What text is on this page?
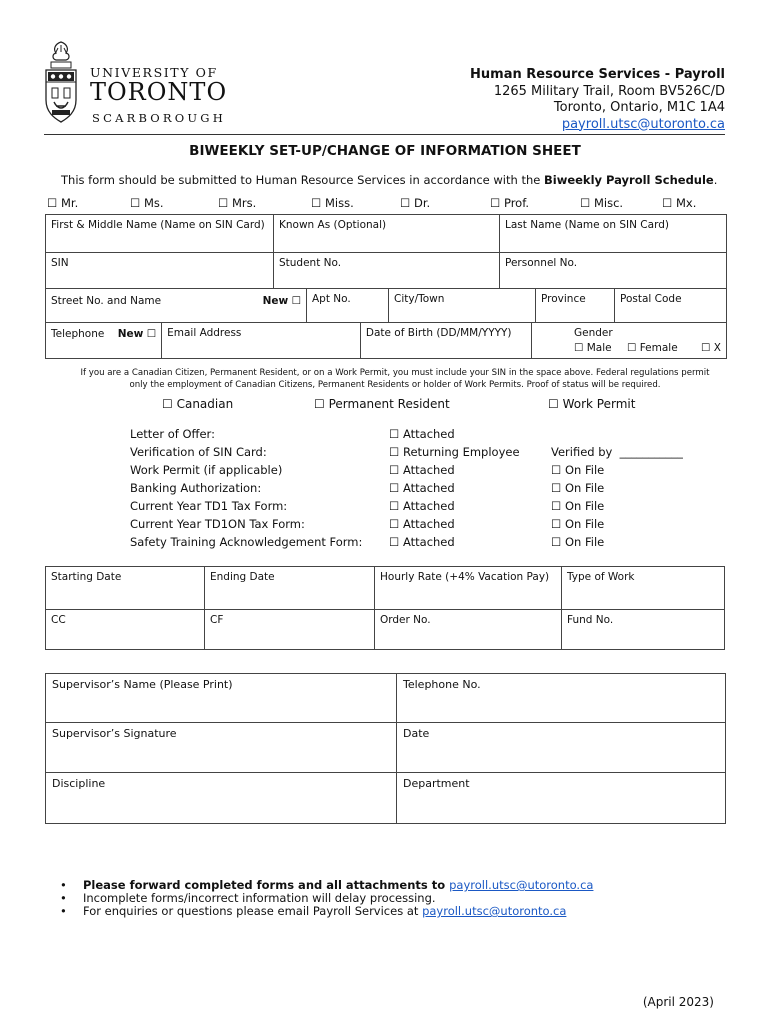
UNIVERSITY OF
TORONTO
SCARBOROUGH
Human Resource Services - Payroll
1265 Military Trail, Room BV526C/D
Toronto, Ontario, M1C 1A4
payroll.utsc@utoronto.ca
BIWEEKLY SET-UP/CHANGE OF INFORMATION SHEET
This form should be submitted to Human Resource Services in accordance with the Biweekly Payroll Schedule.
☐ Mr.	☐ Ms.	☐ Mrs.	☐ Miss.	☐ Dr.	☐ Prof.	☐ Misc.	☐ Mx.
First & Middle Name (Name on SIN Card)	Known As (Optional)	Last Name (Name on SIN Card)
SIN	Student No.	Personnel No.
Street No. and Name	New ☐	Apt No.	City/Town	Province	Postal Code
Telephone New ☐	Email Address	Date of Birth (DD/MM/YYYY)	Gender
☐ Male ☐ Female ☐ X
If you are a Canadian Citizen, Permanent Resident, or on a Work Permit, you must include your SIN in the space above. Federal regulations permit
only the employment of Canadian Citizens, Permanent Residents or holder of Work Permits. Proof of status will be required.
☐ Canadian	☐ Permanent Resident	☐ Work Permit
Letter of Offer:	☐ Attached
Verification of SIN Card:	☐ Returning Employee	Verified by  ___________
Work Permit (if applicable)	☐ Attached	☐ On File
Banking Authorization:	☐ Attached	☐ On File
Current Year TD1 Tax Form:	☐ Attached	☐ On File
Current Year TD1ON Tax Form:	☐ Attached	☐ On File
Safety Training Acknowledgement Form: ☐ Attached	☐ On File
Starting Date	Ending Date	Hourly Rate (+4% Vacation Pay)	Type of Work
CC	CF	Order No.	Fund No.
Supervisor’s Name (Please Print)	Telephone No.
Supervisor’s Signature	Date
Discipline	Department
• Please forward completed forms and all attachments to payroll.utsc@utoronto.ca
• Incomplete forms/incorrect information will delay processing.
• For enquiries or questions please email Payroll Services at payroll.utsc@utoronto.ca
(April 2023)
